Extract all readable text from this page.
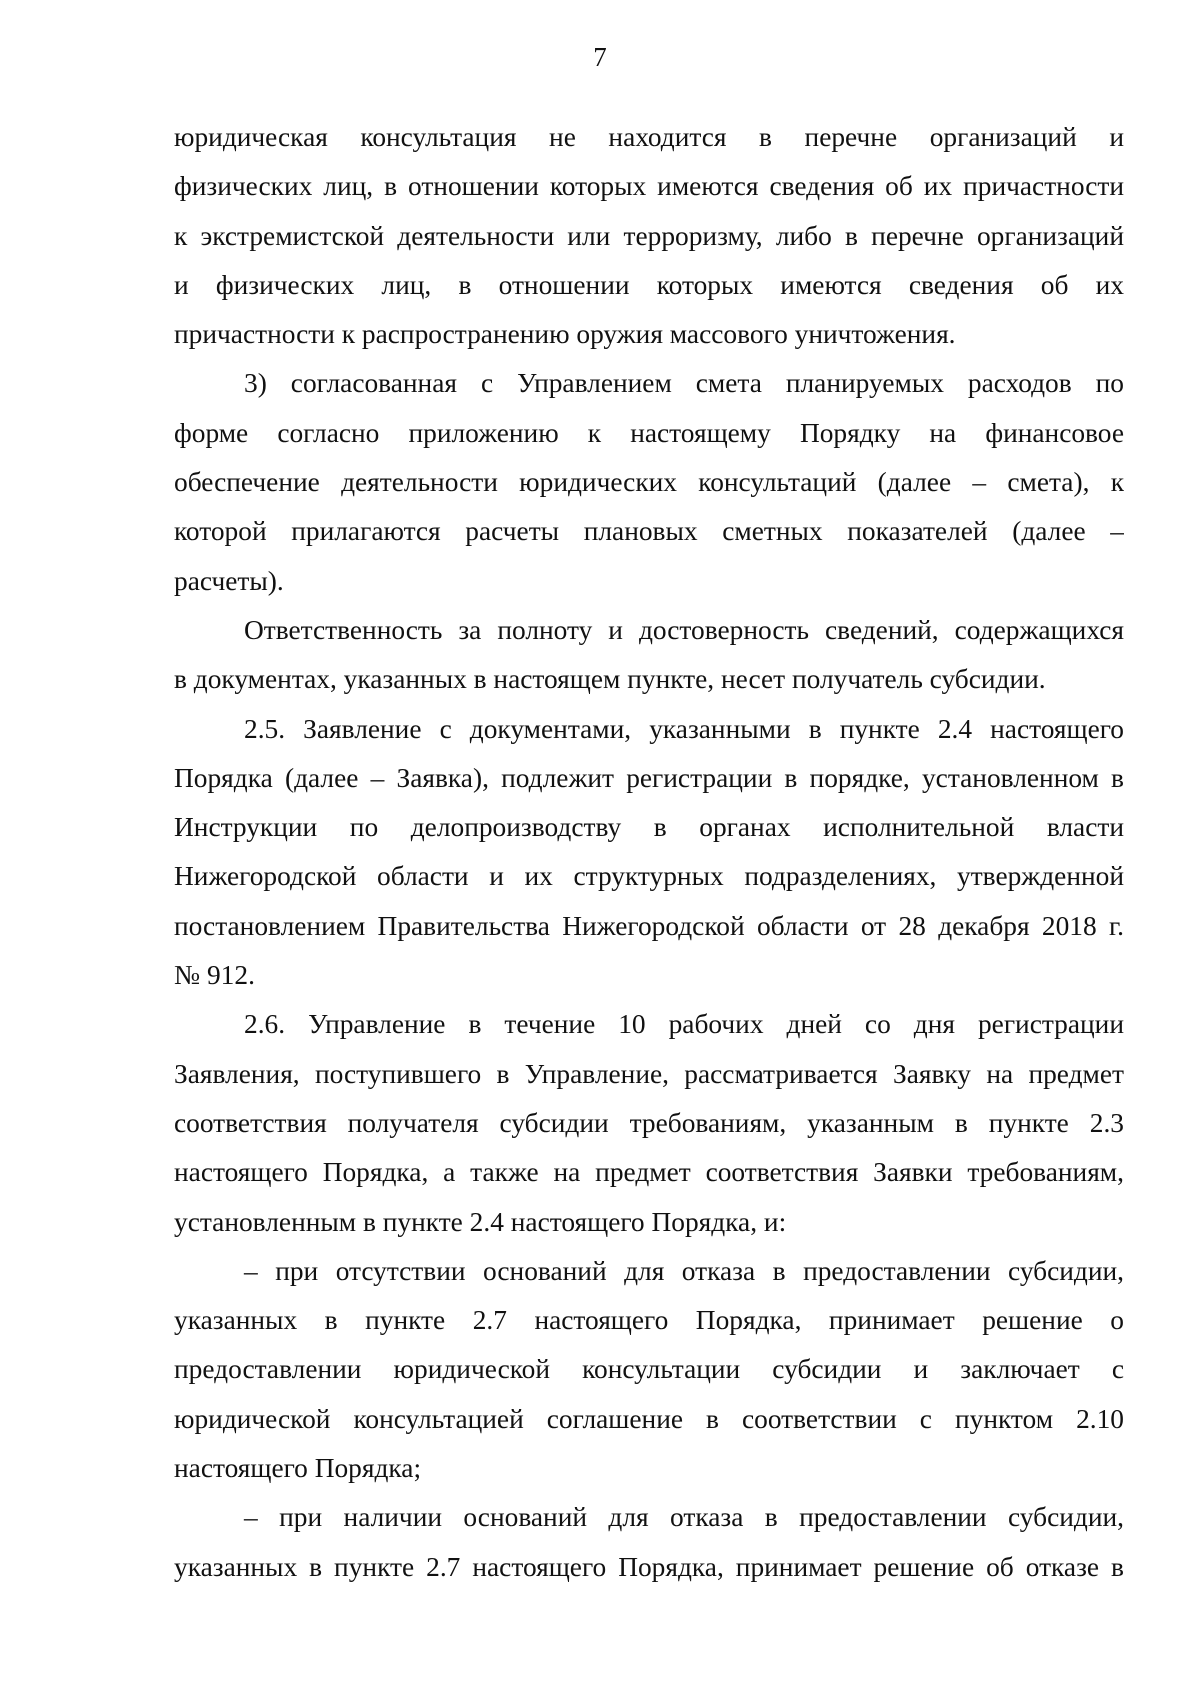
7
юридическая консультация не находится в перечне организаций и
физических лиц, в отношении которых имеются сведения об их причастности
к экстремистской деятельности или терроризму, либо в перечне организаций
и физических лиц, в отношении которых имеются сведения об их
причастности к распространению оружия массового уничтожения.
3) согласованная с Управлением смета планируемых расходов по
форме согласно приложению к настоящему Порядку на финансовое
обеспечение деятельности юридических консультаций (далее – смета), к
которой прилагаются расчеты плановых сметных показателей (далее –
расчеты).
Ответственность за полноту и достоверность сведений, содержащихся
в документах, указанных в настоящем пункте, несет получатель субсидии.
2.5. Заявление с документами, указанными в пункте 2.4 настоящего
Порядка (далее – Заявка), подлежит регистрации в порядке, установленном в
Инструкции по делопроизводству в органах исполнительной власти
Нижегородской области и их структурных подразделениях, утвержденной
постановлением Правительства Нижегородской области от 28 декабря 2018 г.
№ 912.
2.6. Управление в течение 10 рабочих дней со дня регистрации
Заявления, поступившего в Управление, рассматривается Заявку на предмет
соответствия получателя субсидии требованиям, указанным в пункте 2.3
настоящего Порядка, а также на предмет соответствия Заявки требованиям,
установленным в пункте 2.4 настоящего Порядка, и:
– при отсутствии оснований для отказа в предоставлении субсидии,
указанных в пункте 2.7 настоящего Порядка, принимает решение о
предоставлении юридической консультации субсидии и заключает с
юридической консультацией соглашение в соответствии с пунктом 2.10
настоящего Порядка;
– при наличии оснований для отказа в предоставлении субсидии,
указанных в пункте 2.7 настоящего Порядка, принимает решение об отказе в
